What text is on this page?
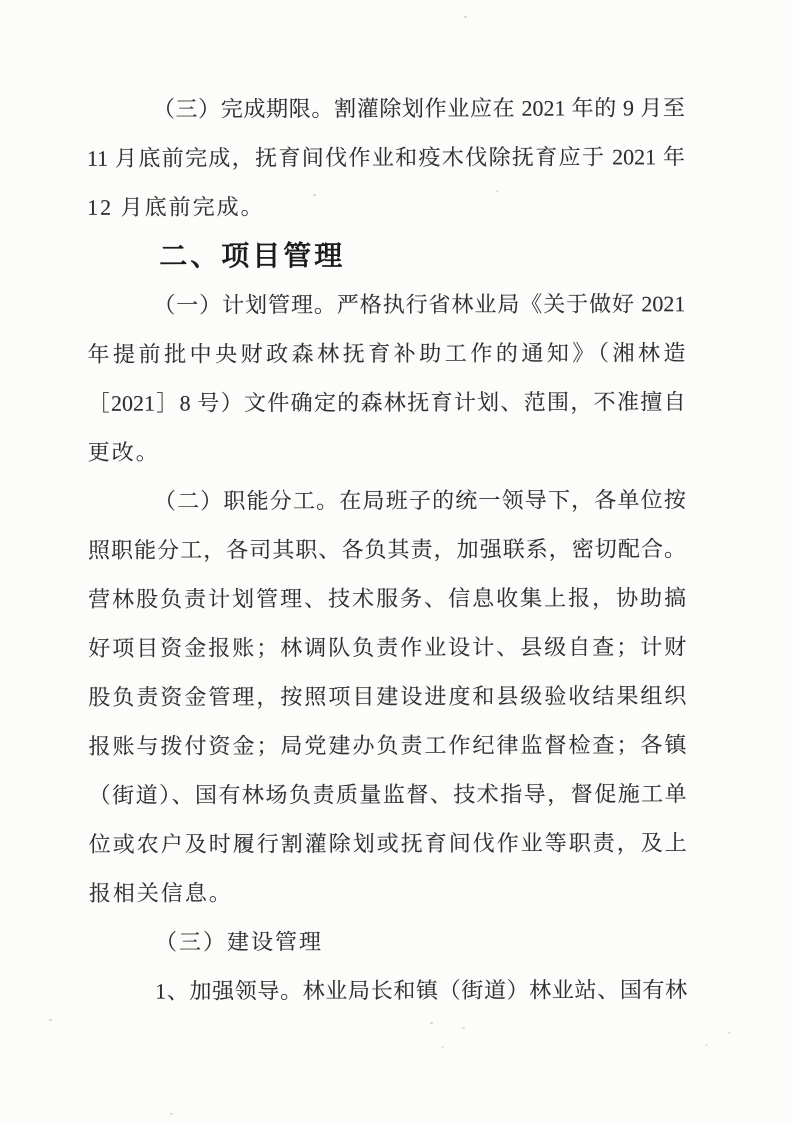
（三）完成期限。割灌除划作业应在 2021 年的 9 月至

11 月底前完成，抚育间伐作业和疫木伐除抚育应于 2021 年

12 月底前完成。

二、项目管理

（一）计划管理。严格执行省林业局《关于做好 2021

年提前批中央财政森林抚育补助工作的通知》（湘林造

［2021］8 号）文件确定的森林抚育计划、范围，不准擅自

更改。

（二）职能分工。在局班子的统一领导下，各单位按

照职能分工，各司其职、各负其责，加强联系，密切配合。

营林股负责计划管理、技术服务、信息收集上报，协助搞

好项目资金报账；林调队负责作业设计、县级自查；计财

股负责资金管理，按照项目建设进度和县级验收结果组织

报账与拨付资金；局党建办负责工作纪律监督检查；各镇

（街道）、国有林场负责质量监督、技术指导，督促施工单

位或农户及时履行割灌除划或抚育间伐作业等职责，及上

报相关信息。

（三）建设管理

1、加强领导。林业局长和镇（街道）林业站、国有林
